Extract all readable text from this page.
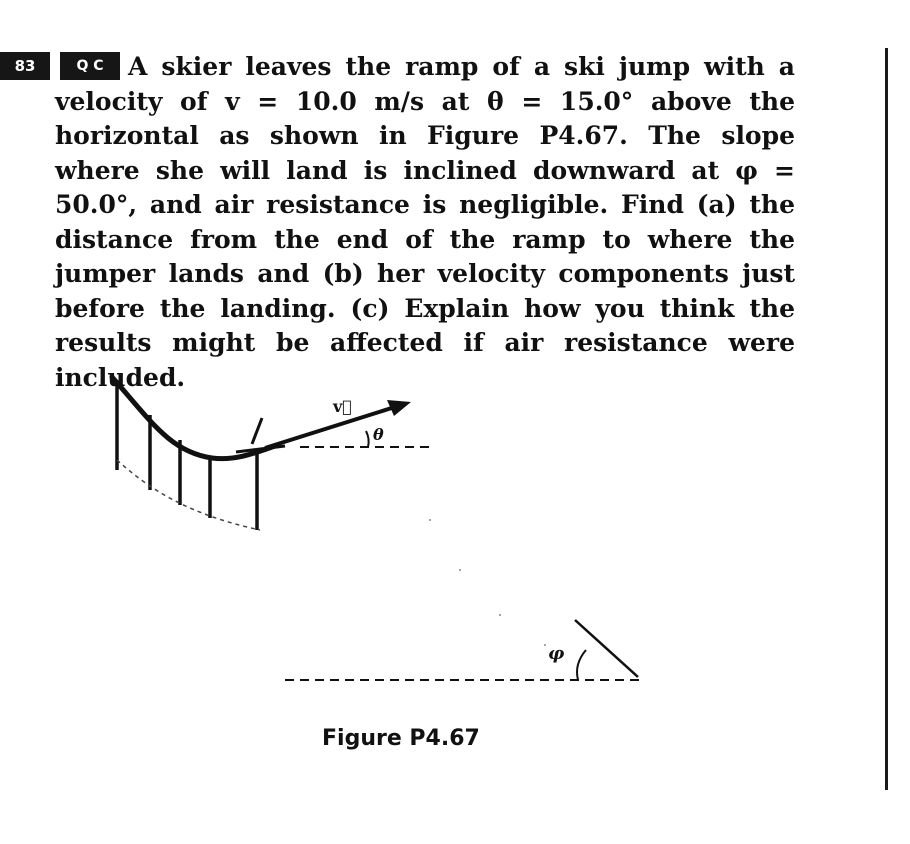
83	Q C A skier leaves the ramp of a ski jump with a velocity of v = 10.0 m/s at θ = 15.0° above the horizontal as shown in Figure P4.67. The slope where she will land is inclined downward at φ = 50.0°, and air resistance is negligible. Find (a) the distance from the end of the ramp to where the jumper lands and (b) her velocity components just before the landing. (c) Explain how you think the results might be affected if air resistance were included.
θ
v⃗
φ
Figure P4.67
